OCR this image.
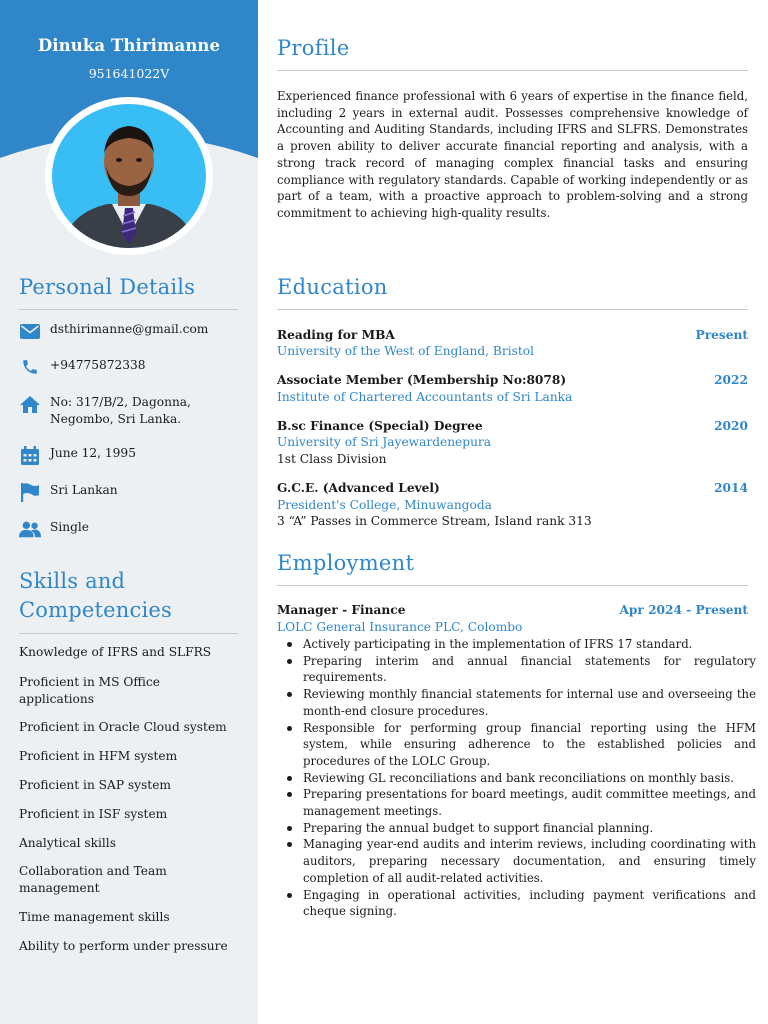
Dinuka Thirimanne
951641022V
Personal Details
dsthirimanne@gmail.com
+94775872338
No: 317/B/2, Dagonna, Negombo, Sri Lanka.
June 12, 1995
Sri Lankan
Single
Skills and Competencies
Knowledge of IFRS and SLFRS
Proficient in MS Office applications
Proficient in Oracle Cloud system
Proficient in HFM system
Proficient in SAP system
Proficient in ISF system
Analytical skills
Collaboration and Team management
Time management skills
Ability to perform under pressure
Profile
Experienced finance professional with 6 years of expertise in the finance field, including 2 years in external audit. Possesses comprehensive knowledge of Accounting and Auditing Standards, including IFRS and SLFRS. Demonstrates a proven ability to deliver accurate financial reporting and analysis, with a strong track record of managing complex financial tasks and ensuring compliance with regulatory standards. Capable of working independently or as part of a team, with a proactive approach to problem-solving and a strong commitment to achieving high-quality results.
Education
Reading for MBA	Present
University of the West of England, Bristol
Associate Member (Membership No:8078)	2022
Institute of Chartered Accountants of Sri Lanka
B.sc Finance (Special) Degree	2020
University of Sri Jayewardenepura
1st Class Division
G.C.E. (Advanced Level)	2014
President's College, Minuwangoda
3 “A” Passes in Commerce Stream, Island rank 313
Employment
Manager - Finance	Apr 2024 - Present
LOLC General Insurance PLC, Colombo
Actively participating in the implementation of IFRS 17 standard.
Preparing interim and annual financial statements for regulatory requirements.
Reviewing monthly financial statements for internal use and overseeing the month-end closure procedures.
Responsible for performing group financial reporting using the HFM system, while ensuring adherence to the established policies and procedures of the LOLC Group.
Reviewing GL reconciliations and bank reconciliations on monthly basis.
Preparing presentations for board meetings, audit committee meetings, and management meetings.
Preparing the annual budget to support financial planning.
Managing year-end audits and interim reviews, including coordinating with auditors, preparing necessary documentation, and ensuring timely completion of all audit-related activities.
Engaging in operational activities, including payment verifications and cheque signing.
